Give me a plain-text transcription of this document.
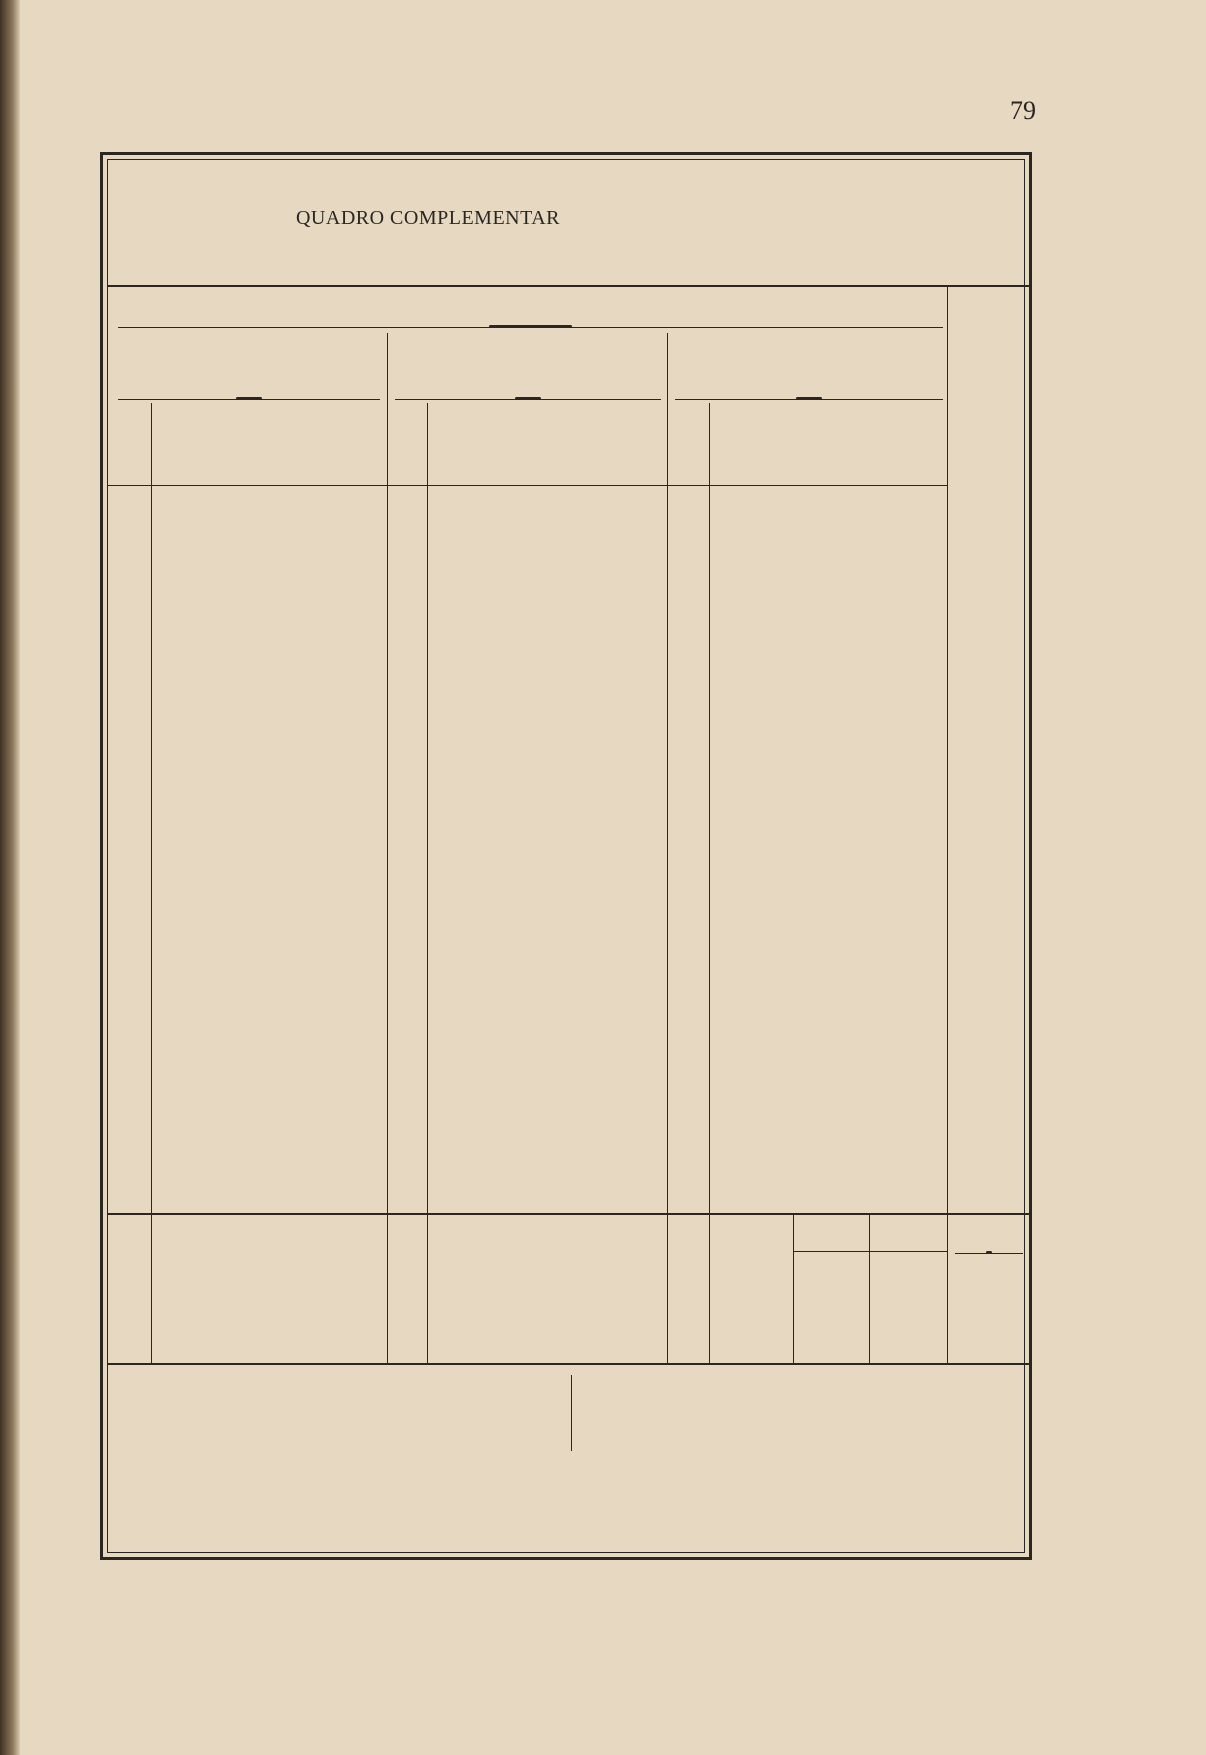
79
QUADRO COMPLEMENTAR
